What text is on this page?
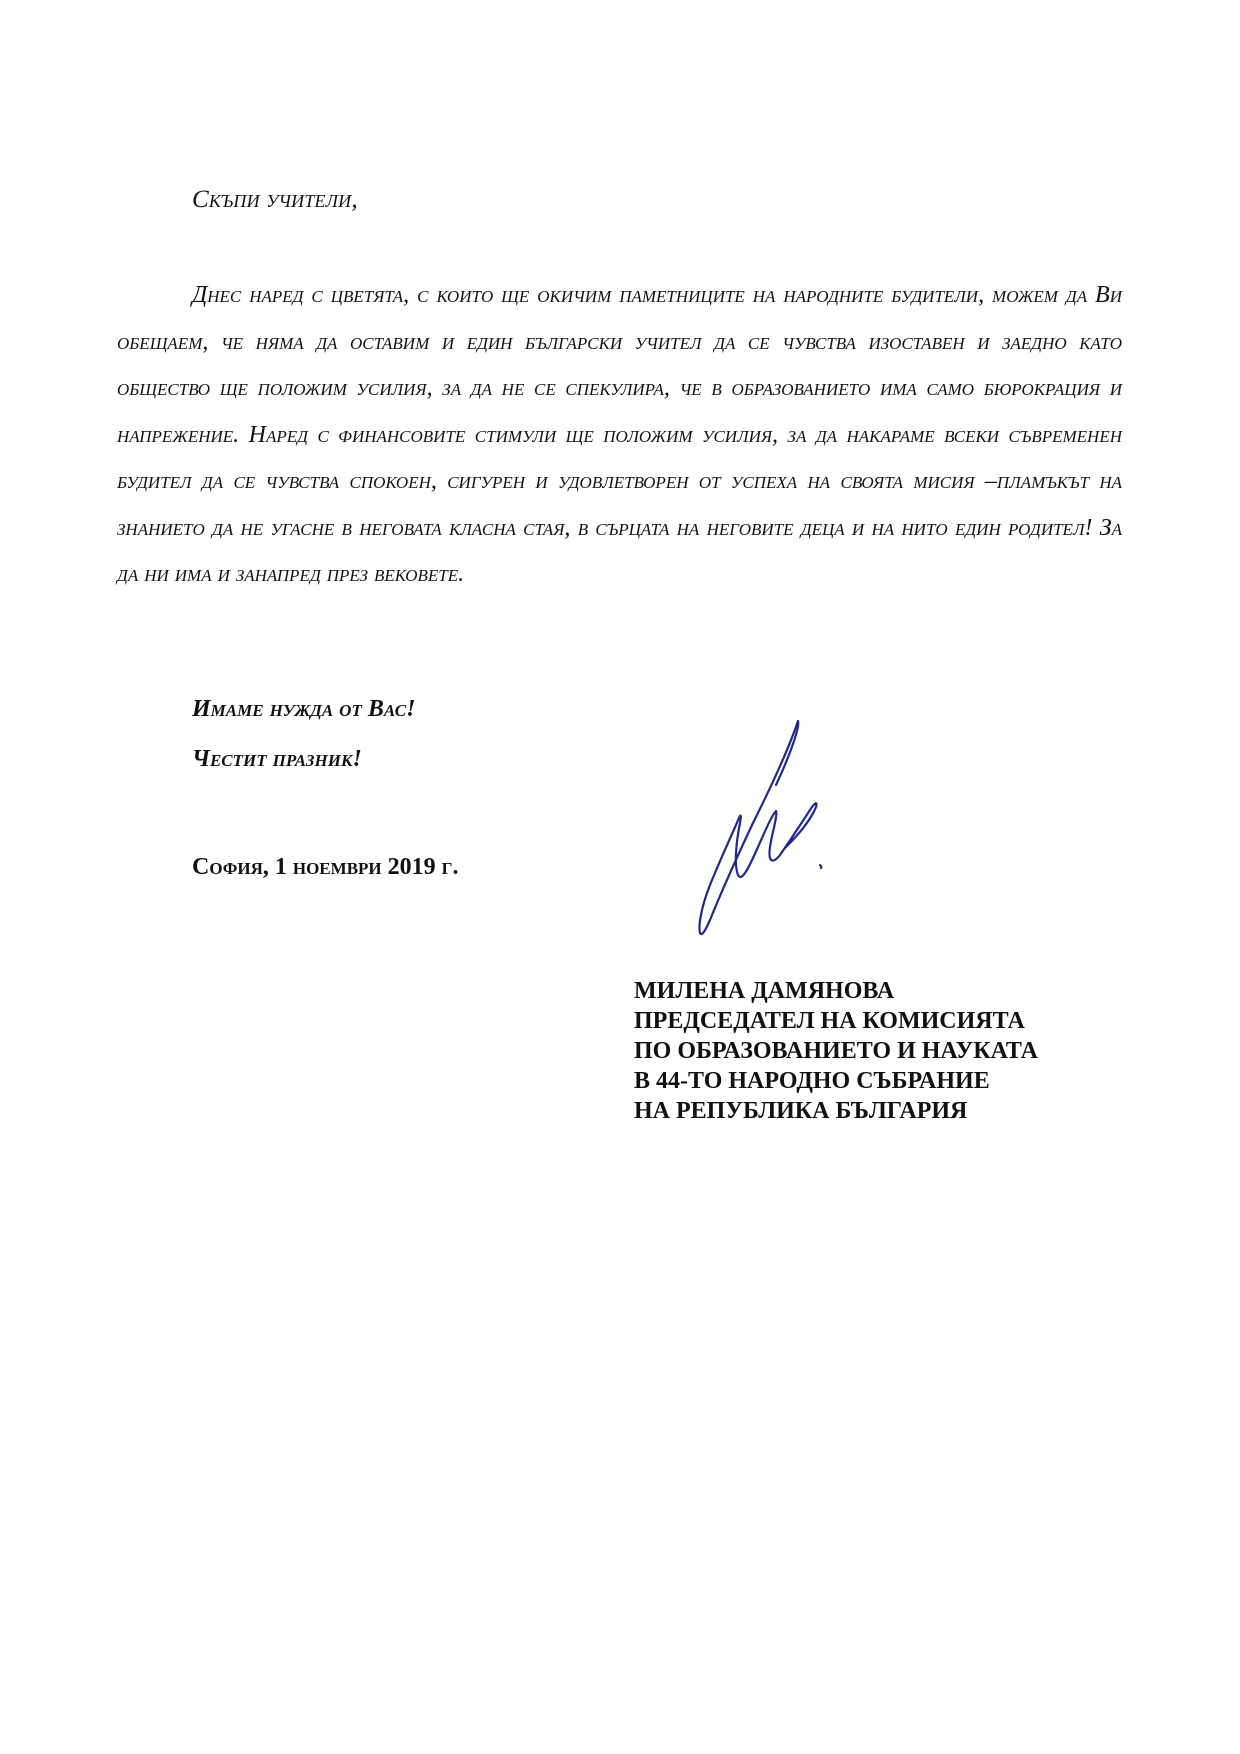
Скъпи учители,

Днес наред с цветята, с които ще окичим паметниците на народните будители, можем да Ви обещаем, че няма да оставим и един български учител да се чувства изоставен и заедно като общество ще положим усилия, за да не се спекулира, че в образованието има само бюрокрация и напрежение. Наред с финансовите стимули ще положим усилия, за да накараме всеки съвременен будител да се чувства спокоен, сигурен и удовлетворен от успеха на своята мисия –пламъкът на знанието да не угасне в неговата класна стая, в сърцата на неговите деца и на нито един родител! За да ни има и занапред през вековете.

Имаме нужда от Вас!
Честит празник!
София, 1 ноември 2019 г.
МИЛЕНА ДАМЯНОВА
ПРЕДСЕДАТЕЛ НА КОМИСИЯТА
ПО ОБРАЗОВАНИЕТО И НАУКАТА
В 44-ТО НАРОДНО СЪБРАНИЕ
НА РЕПУБЛИКА БЪЛГАРИЯ
